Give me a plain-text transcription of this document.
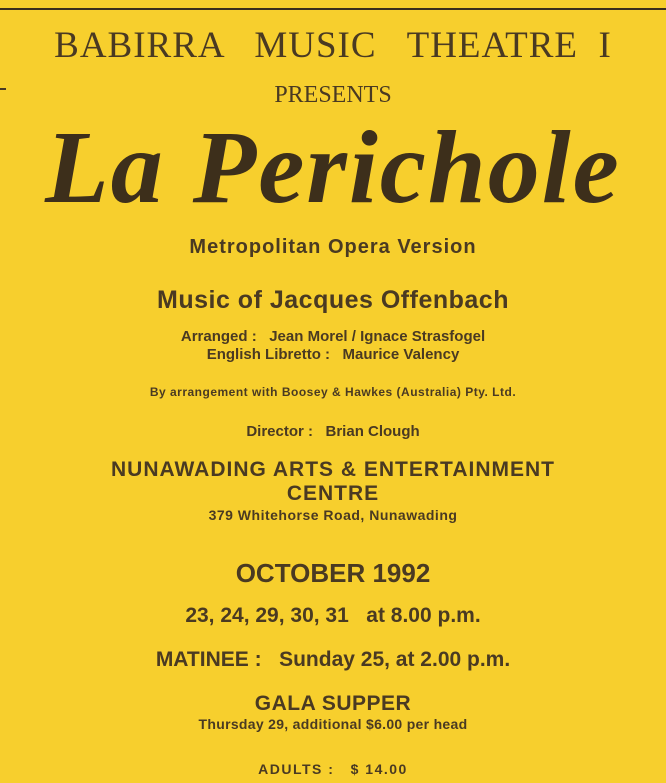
BABIRRA   MUSIC   THEATRE  I
PRESENTS
La Perichole
Metropolitan Opera Version
Music of Jacques Offenbach
Arranged :   Jean Morel / Ignace Strasfogel
English Libretto :   Maurice Valency
By arrangement with Boosey & Hawkes (Australia) Pty. Ltd.
Director :   Brian Clough
NUNAWADING ARTS & ENTERTAINMENT
CENTRE
379 Whitehorse Road, Nunawading
OCTOBER 1992
23, 24, 29, 30, 31   at 8.00 p.m.
MATINEE :   Sunday 25, at 2.00 p.m.
GALA SUPPER
Thursday 29, additional $6.00 per head
ADULTS :   $ 14.00
